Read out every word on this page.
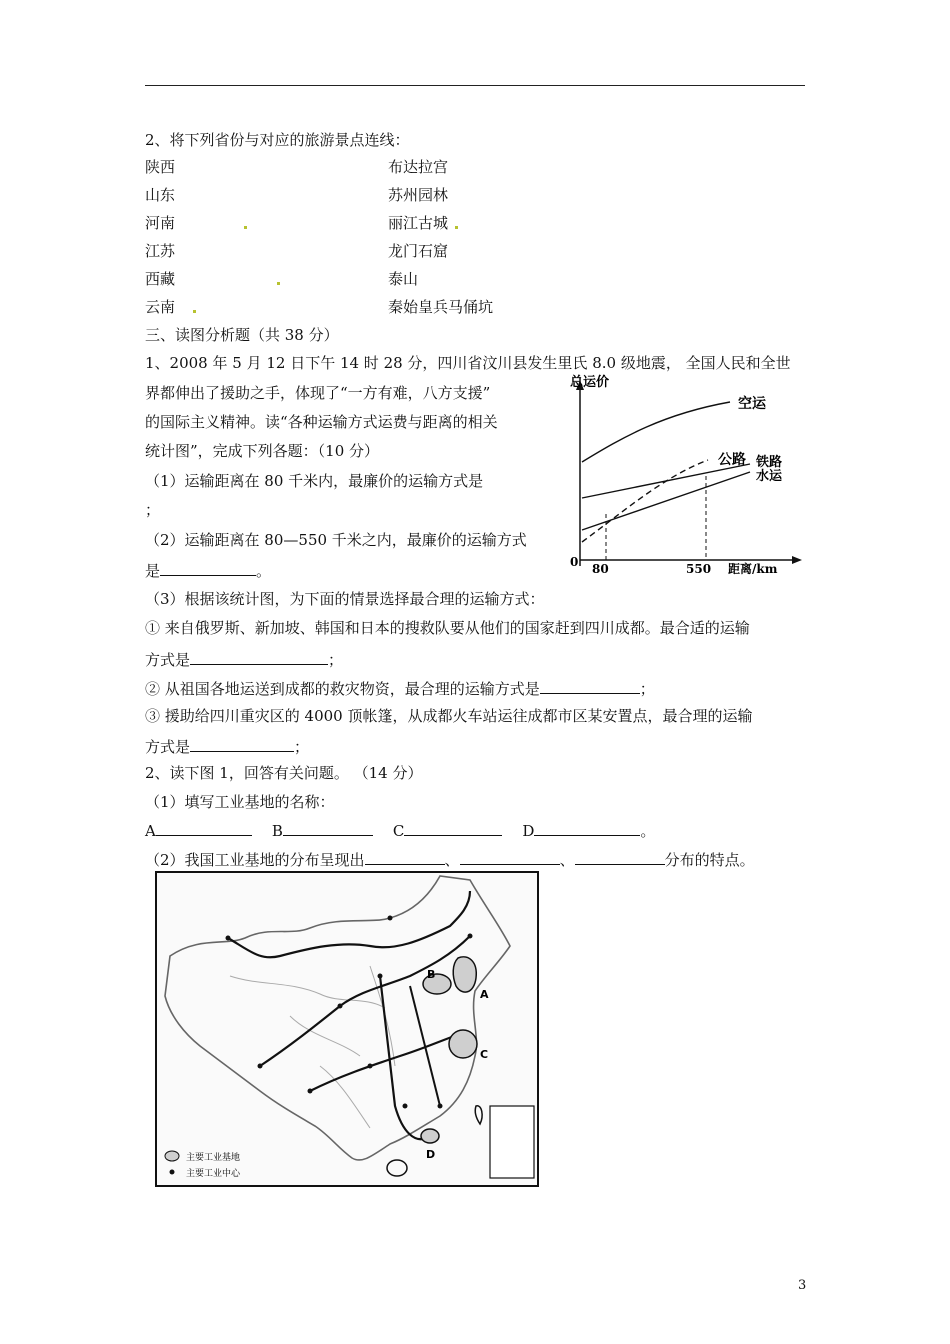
2、将下列省份与对应的旅游景点连线：
陕西	布达拉宫
山东	苏州园林
河南	丽江古城
江苏	龙门石窟
西藏	泰山
云南	秦始皇兵马俑坑
三、读图分析题（共 38 分）
1、2008 年 5 月 12 日下午 14 时 28 分，四川省汶川县发生里氏 8.0 级地震， 全国人民和全世
界都伸出了援助之手，体现了“一方有难，八方支援”
的国际主义精神。读“各种运输方式运费与距离的相关
统计图”，完成下列各题：（10 分）
（1）运输距离在 80 千米内，最廉价的运输方式是
；
（2）运输距离在 80—550 千米之内，最廉价的运输方式
是	。
（3）根据该统计图，为下面的情景选择最合理的运输方式：
① 来自俄罗斯、新加坡、韩国和日本的搜救队要从他们的国家赶到四川成都。最合适的运输
方式是	；
② 从祖国各地运送到成都的救灾物资，最合理的运输方式是	；
③ 援助给四川重灾区的 4000 顶帐篷，从成都火车站运往成都市区某安置点，最合理的运输
方式是	；
总运价
0 80	550 距离/km
空运
公路 铁路
水运
2、读下图 1，回答有关问题。 （14 分）
（1）填写工业基地的名称：
A	B	C	D	。
（2）我国工业基地的分布呈现出	、	、	分布的特点。
A
B
C
D
主要工业基地
主要工业中心
3
